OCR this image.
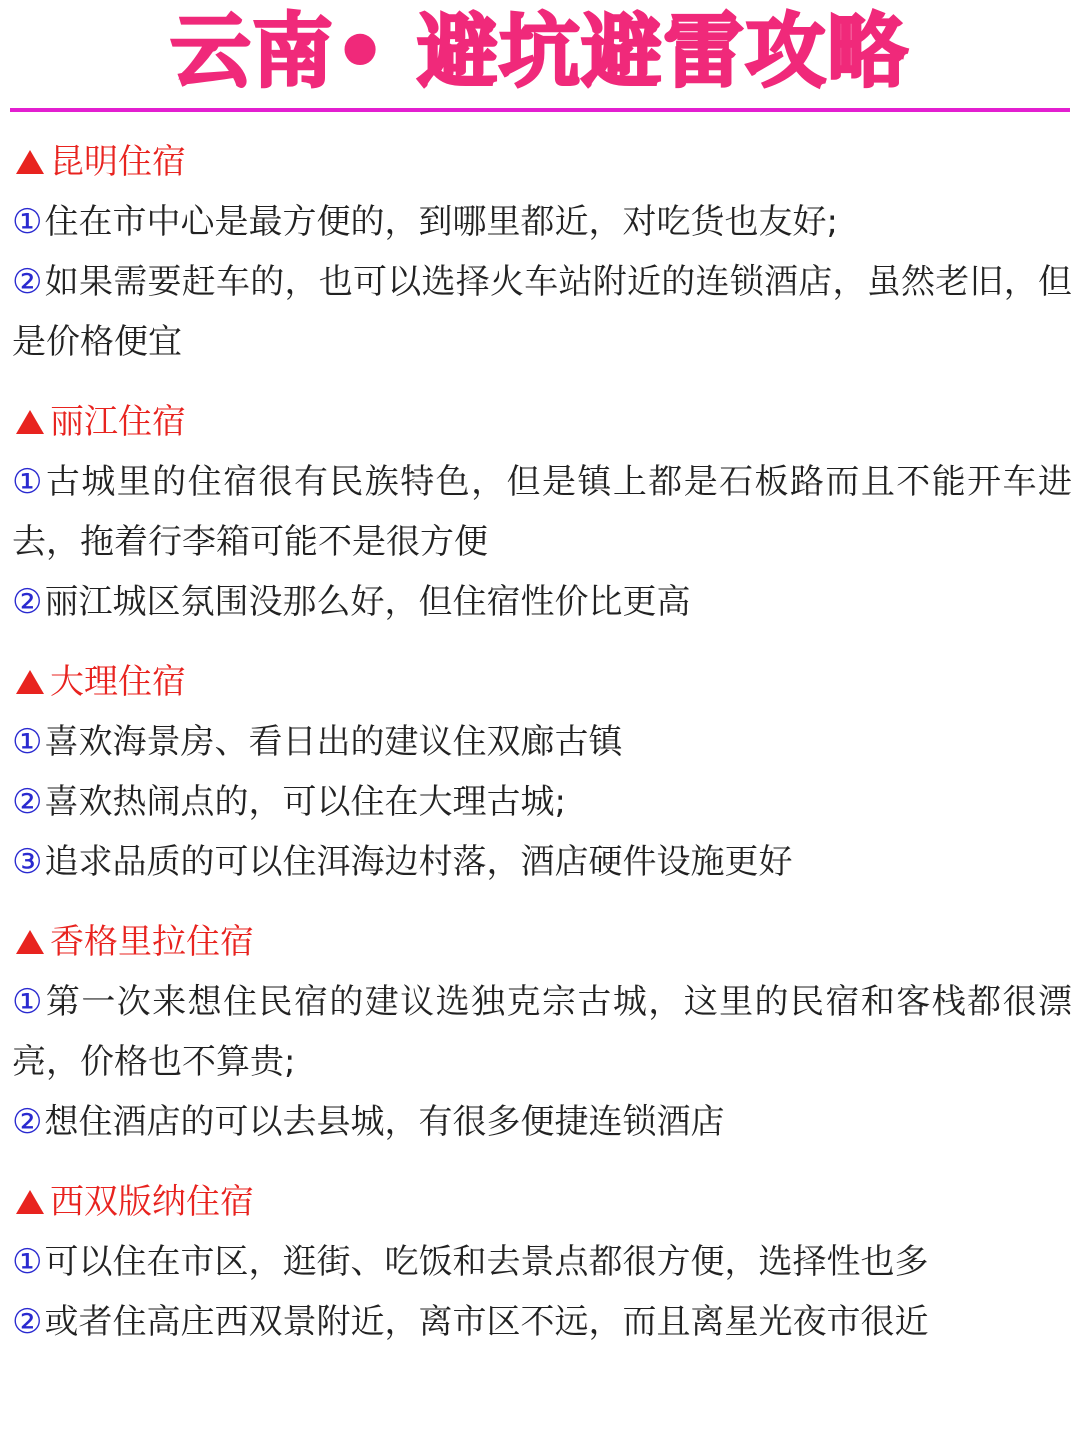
云南• 避坑避雷攻略
昆明住宿
①住在市中心是最方便的，到哪里都近，对吃货也友好;
②如果需要赶车的，也可以选择火车站附近的连锁酒店，虽然老旧，但是价格便宜
丽江住宿
①古城里的住宿很有民族特色，但是镇上都是石板路而且不能开车进去，拖着行李箱可能不是很方便
②丽江城区氛围没那么好，但住宿性价比更高
大理住宿
①喜欢海景房、看日出的建议住双廊古镇
②喜欢热闹点的，可以住在大理古城;
③追求品质的可以住洱海边村落，酒店硬件设施更好
香格里拉住宿
①第一次来想住民宿的建议选独克宗古城，这里的民宿和客栈都很漂亮，价格也不算贵;
②想住酒店的可以去县城，有很多便捷连锁酒店
西双版纳住宿
①可以住在市区，逛街、吃饭和去景点都很方便，选择性也多
②或者住高庄西双景附近，离市区不远，而且离星光夜市很近
